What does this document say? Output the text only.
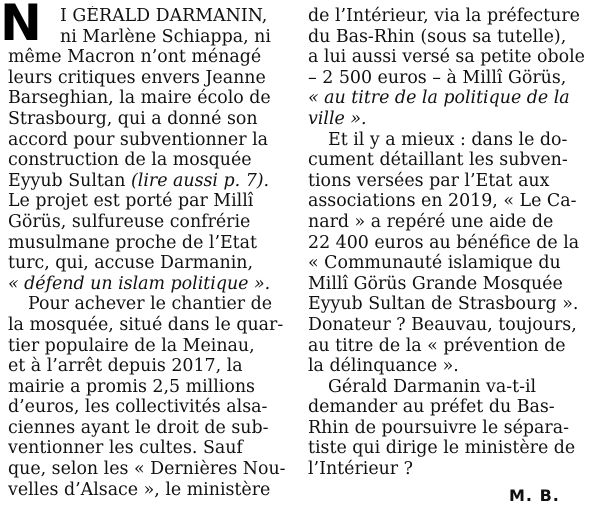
N	I GÉRALD DARMANIN,
ni Marlène Schiappa, ni
même Macron n’ont ménagé
leurs critiques envers Jeanne
Barseghian, la maire écolo de
Strasbourg, qui a donné son
accord pour subventionner la
construction de la mosquée
Eyyub Sultan (lire aussi p. 7).
Le projet est porté par Millî
Görüs, sulfureuse confrérie
musulmane proche de l’Etat
turc, qui, accuse Darmanin,
« défend un islam politique ».
Pour achever le chantier de
la mosquée, situé dans le quar-
tier populaire de la Meinau,
et à l’arrêt depuis 2017, la
mairie a promis 2,5 millions
d’euros, les collectivités alsa-
ciennes ayant le droit de sub-
ventionner les cultes. Sauf
que, selon les « Dernières Nou-
velles d’Alsace », le ministère
de l’Intérieur, via la préfecture
du Bas-Rhin (sous sa tutelle),
a lui aussi versé sa petite obole
– 2 500 euros – à Millî Görüs,
« au titre de la politique de la
ville ».
Et il y a mieux : dans le do-
cument détaillant les subven-
tions versées par l’Etat aux
associations en 2019, « Le Ca-
nard » a repéré une aide de
22 400 euros au bénéfice de la
« Communauté islamique du
Millî Görüs Grande Mosquée
Eyyub Sultan de Strasbourg ».
Donateur ? Beauvau, toujours,
au titre de la « prévention de
la délinquance ».
Gérald Darmanin va-t-il
demander au préfet du Bas-
Rhin de poursuivre le sépara-
tiste qui dirige le ministère de
l’Intérieur ?
M. B.
